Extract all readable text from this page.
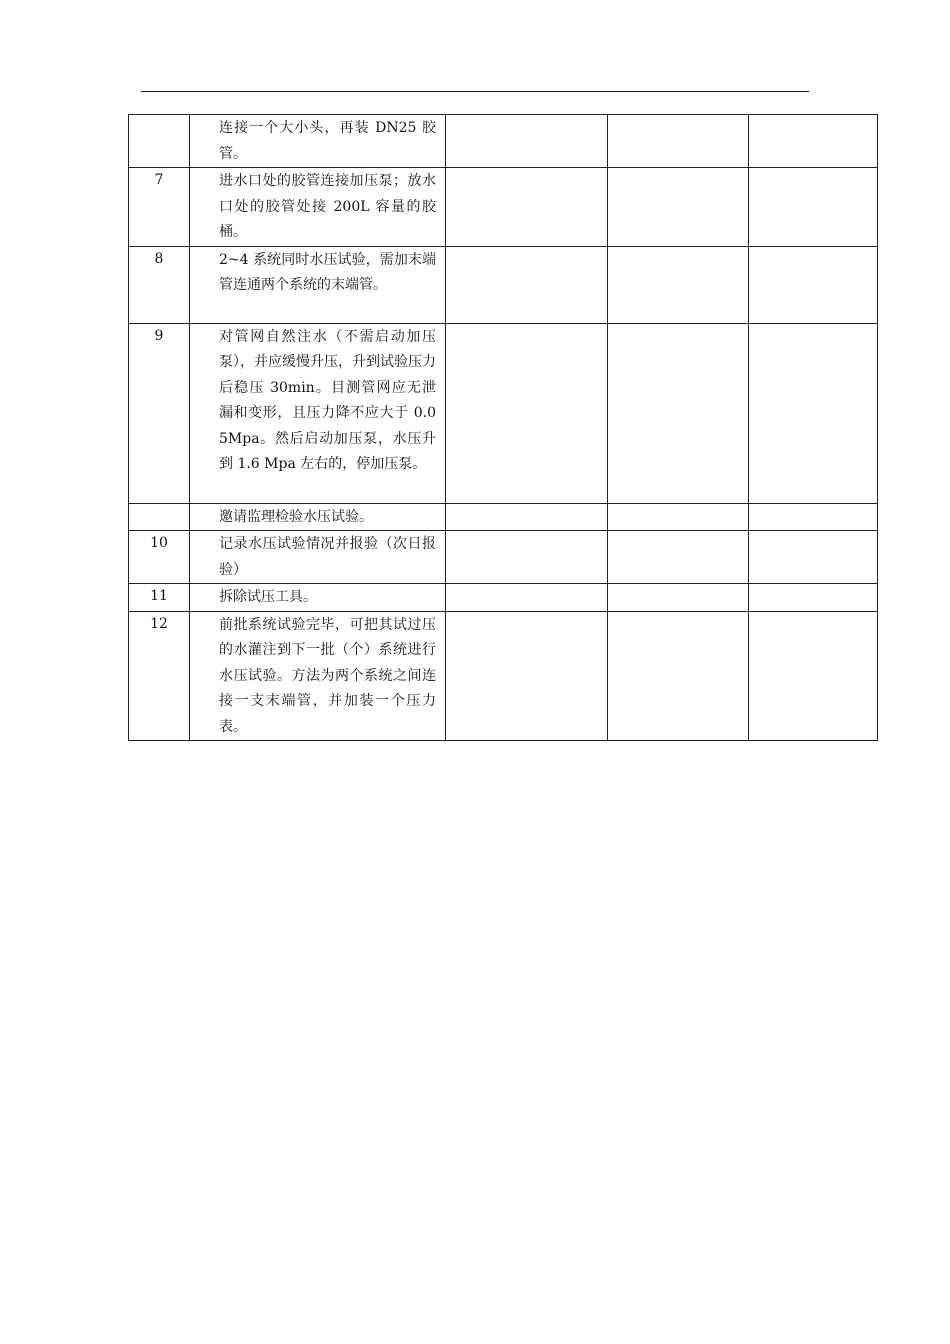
	连接一个大小头，再装 DN25 胶管。			
7	进水口处的胶管连接加压泵；放水口处的胶管处接 200L 容量的胶桶。			
8	2~4 系统同时水压试验，需加末端管连通两个系统的末端管。			
9	对管网自然注水（不需启动加压泵），并应缓慢升压，升到试验压力后稳压 30min。目测管网应无泄漏和变形，且压力降不应大于 0.05Mpa。然后启动加压泵，水压升到 1.6 Mpa 左右的，停加压泵。			
	邀请监理检验水压试验。			
10	记录水压试验情况并报验（次日报验）			
11	拆除试压工具。			
12	前批系统试验完毕，可把其试过压的水灌注到下一批（个）系统进行水压试验。方法为两个系统之间连接一支末端管，并加装一个压力表。			
